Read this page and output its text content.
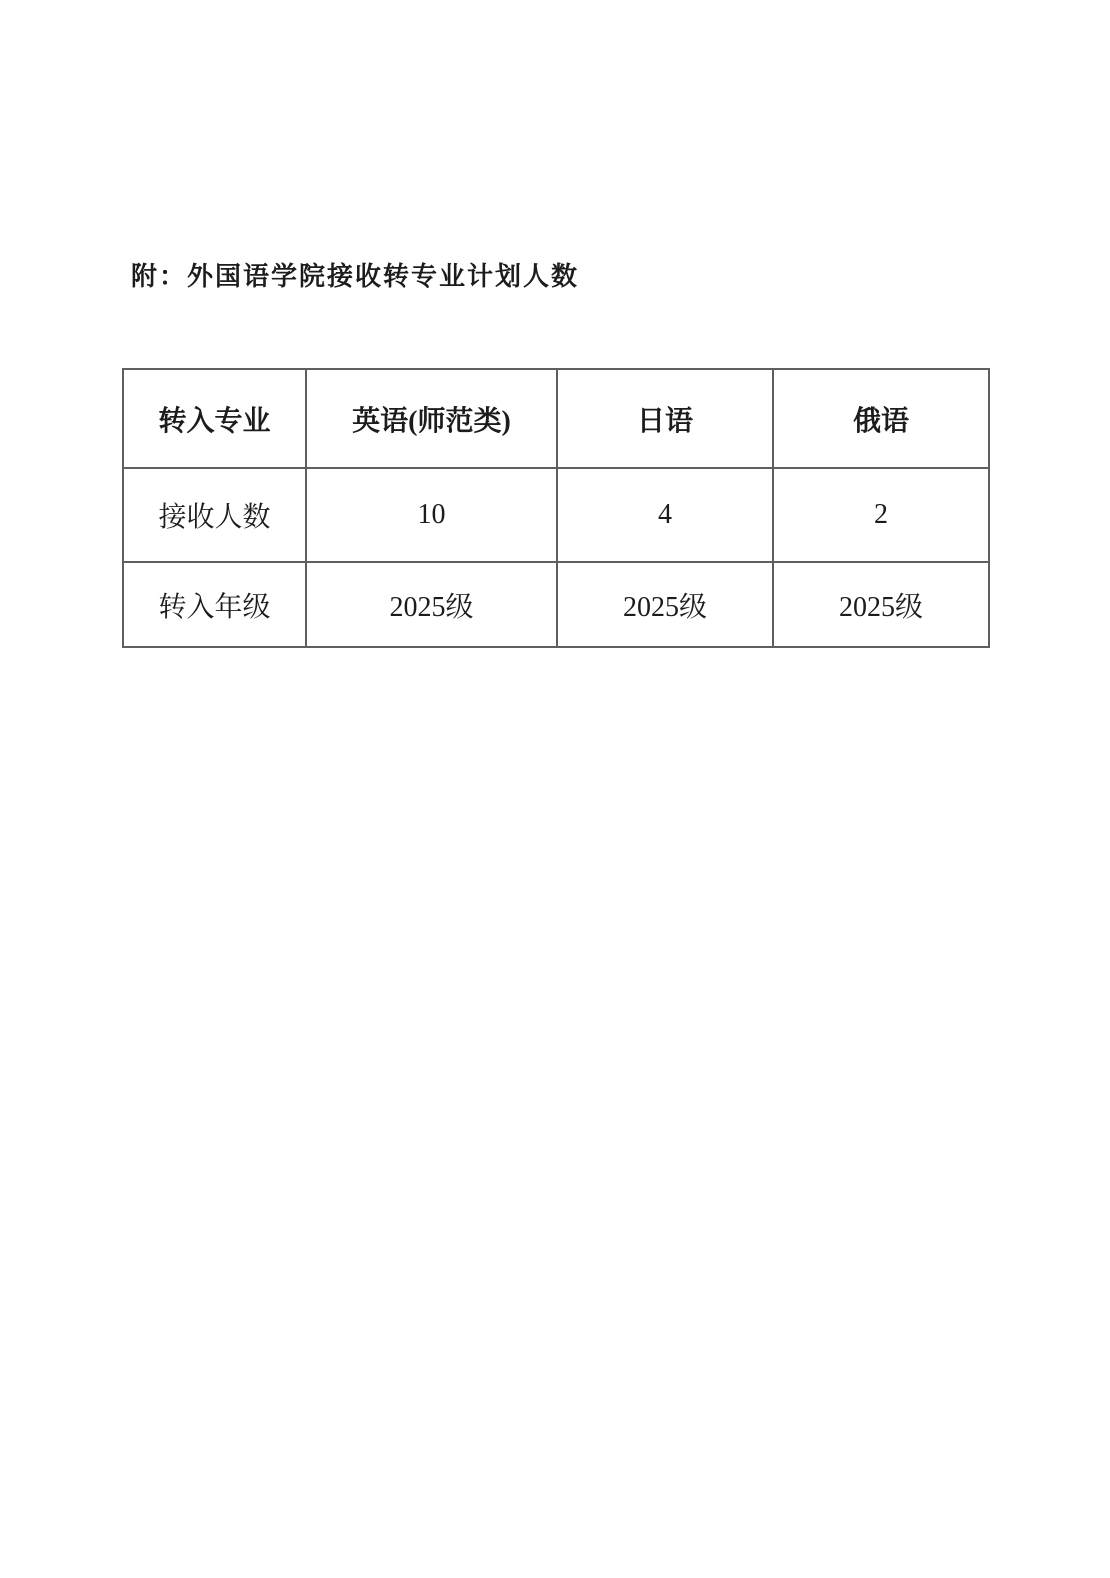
附：外国语学院接收转专业计划人数
转入专业	英语(师范类)	日语	俄语
接收人数	10	4	2
转入年级	2025级	2025级	2025级
